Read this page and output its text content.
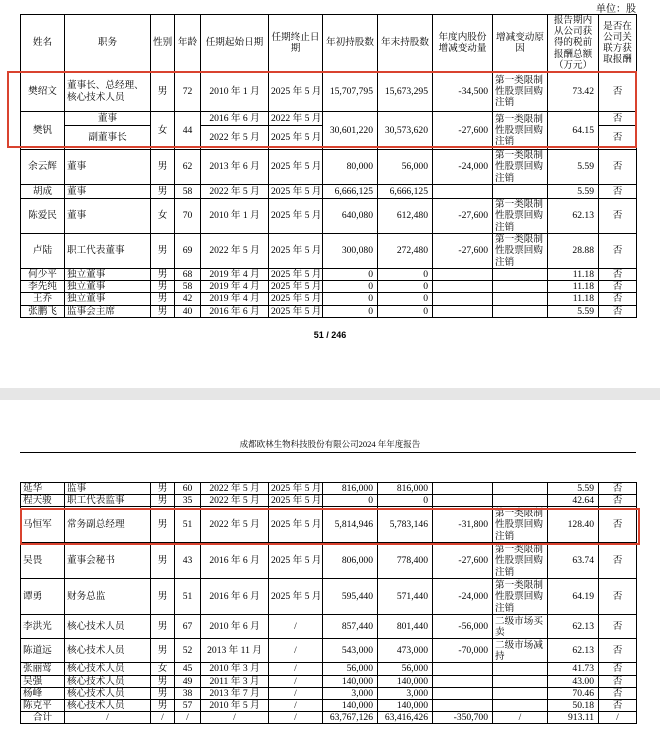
单位：股
姓名	职务	性别	年龄	任期起始日期	任期终止日期	年初持股数	年末持股数	年度内股份增减变动量	增减变动原因	报告期内从公司获得的税前报酬总额（万元）	是否在公司关联方获取报酬
樊绍文	董事长、总经理、核心技术人员	男	72	2010 年 1 月	2025 年 5 月	15,707,795	15,673,295	-34,500	第一类限制性股票回购注销	73.42	否
樊钒	董事	女	44	2016 年 6 月	2022 年 5 月	30,601,220	30,573,620	-27,600	第一类限制性股票回购注销	64.15	否
	副董事长			2022 年 5 月	2025 年 5 月						否
余云辉	董事	男	62	2013 年 6 月	2025 年 5 月	80,000	56,000	-24,000	第一类限制性股票回购注销	5.59	否
胡成	董事	男	58	2022 年 5 月	2025 年 5 月	6,666,125	6,666,125			5.59	否
陈爱民	董事	女	70	2010 年 1 月	2025 年 5 月	640,080	612,480	-27,600	第一类限制性股票回购注销	62.13	否
卢陆	职工代表董事	男	69	2022 年 5 月	2025 年 5 月	300,080	272,480	-27,600	第一类限制性股票回购注销	28.88	否
何少平	独立董事	男	68	2019 年 4 月	2025 年 5 月	0	0			11.18	否
李先纯	独立董事	男	58	2019 年 4 月	2025 年 5 月	0	0			11.18	否
王乔	独立董事	男	42	2019 年 4 月	2025 年 5 月	0	0			11.18	否
张鹏飞	监事会主席	男	40	2016 年 6 月	2025 年 5 月	0	0			5.59	否
51 / 246
成都欧林生物科技股份有限公司2024 年年度报告
延华	监事	男	60	2022 年 5 月	2025 年 5 月	816,000	816,000			5.59	否
程天骏	职工代表监事	男	35	2022 年 5 月	2025 年 5 月	0	0			42.64	否
马恒军	常务副总经理	男	51	2022 年 5 月	2025 年 5 月	5,814,946	5,783,146	-31,800	第一类限制性股票回购注销	128.40	否
吴畏	董事会秘书	男	43	2016 年 6 月	2025 年 5 月	806,000	778,400	-27,600	第一类限制性股票回购注销	63.74	否
谭勇	财务总监	男	51	2016 年 6 月	2025 年 5 月	595,440	571,440	-24,000	第一类限制性股票回购注销	64.19	否
李洪光	核心技术人员	男	67	2010 年 6 月	/	857,440	801,440	-56,000	二级市场买卖	62.13	否
陈道远	核心技术人员	男	52	2013 年 11 月	/	543,000	473,000	-70,000	二级市场减持	62.13	否
张丽莺	核心技术人员	女	45	2010 年 3 月	/	56,000	56,000			41.73	否
吴强	核心技术人员	男	49	2011 年 3 月	/	140,000	140,000			43.00	否
杨峰	核心技术人员	男	38	2013 年 7 月	/	3,000	3,000			70.46	否
陈克平	核心技术人员	男	57	2010 年 5 月	/	140,000	140,000			50.18	否
合计	/	/	/	/	/	63,767,126	63,416,426	-350,700	/	913.11	/
